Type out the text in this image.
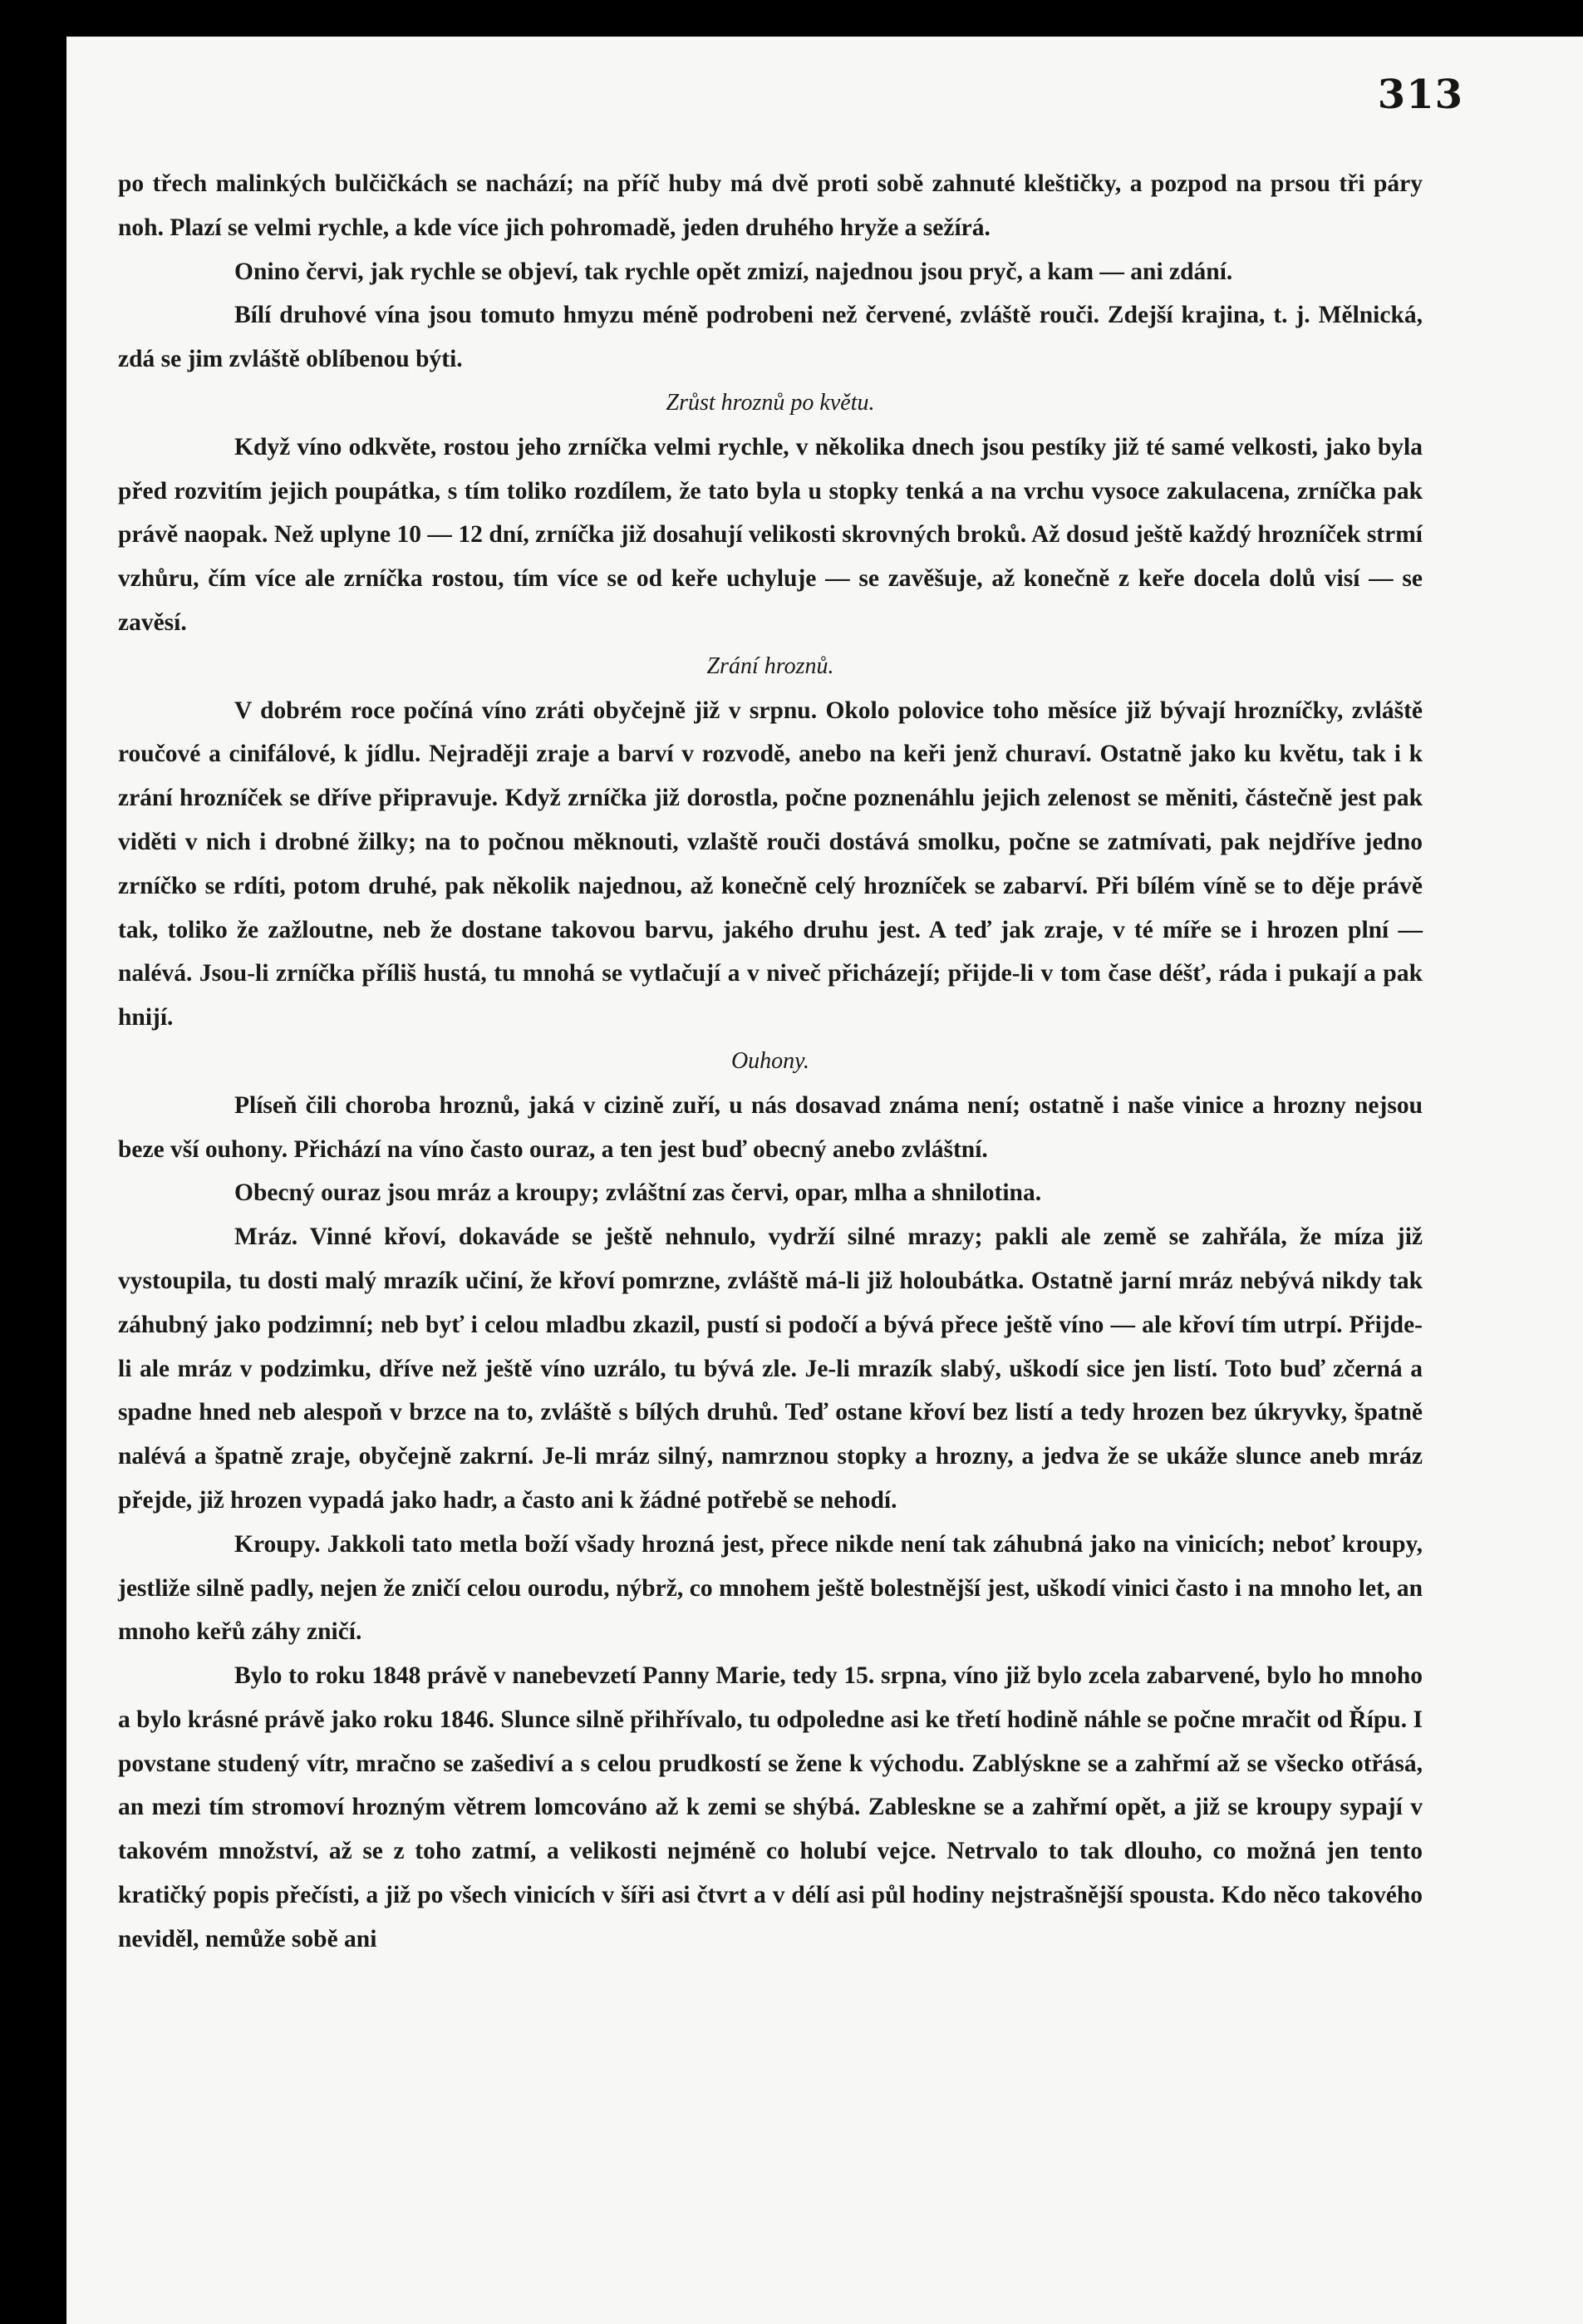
313

po třech malinkých bulčičkách se nachází; na příč huby má dvě proti sobě zahnuté kleštičky, a pozpod na prsou tři páry noh. Plazí se velmi rychle, a kde více jich pohromadě, jeden druhého hryže a sežírá.

Onino červi, jak rychle se objeví, tak rychle opět zmizí, najednou jsou pryč, a kam — ani zdání.

Bílí druhové vína jsou tomuto hmyzu méně podrobeni než červené, zvláště rouči. Zdejší krajina, t. j. Mělnická, zdá se jim zvláště oblíbenou býti.

Zrůst hroznů po květu.

Když víno odkvěte, rostou jeho zrníčka velmi rychle, v několika dnech jsou pestíky již té samé velkosti, jako byla před rozvitím jejich poupátka, s tím toliko rozdílem, že tato byla u stopky tenká a na vrchu vysoce zakulacena, zrníčka pak právě naopak. Než uplyne 10 — 12 dní, zrníčka již dosahují velikosti skrovných broků. Až dosud ještě každý hrozníček strmí vzhůru, čím více ale zrníčka rostou, tím více se od keře uchyluje — se zavěšuje, až konečně z keře docela dolů visí — se zavěsí.

Zrání hroznů.

V dobrém roce počíná víno zráti obyčejně již v srpnu. Okolo polovice toho měsíce již bývají hrozníčky, zvláště roučové a cinifálové, k jídlu. Nejraději zraje a barví v rozvodě, anebo na keři jenž churaví. Ostatně jako ku květu, tak i k zrání hrozníček se dříve připravuje. Když zrníčka již dorostla, počne poznenáhlu jejich zelenost se měniti, částečně jest pak viděti v nich i drobné žilky; na to počnou měknouti, vzlaště rouči dostává smolku, počne se zatmívati, pak nejdříve jedno zrníčko se rdíti, potom druhé, pak několik najednou, až konečně celý hrozníček se zabarví. Při bílém víně se to děje právě tak, toliko že zažloutne, neb že dostane takovou barvu, jakého druhu jest. A teď jak zraje, v té míře se i hrozen plní — nalévá. Jsou-li zrníčka příliš hustá, tu mnohá se vytlačují a v niveč přicházejí; přijde-li v tom čase déšť, ráda i pukají a pak hnijí.

Ouhony.

Plíseň čili choroba hroznů, jaká v cizině zuří, u nás dosavad známa není; ostatně i naše vinice a hrozny nejsou beze vší ouhony. Přichází na víno často ouraz, a ten jest buď obecný anebo zvláštní.

Obecný ouraz jsou mráz a kroupy; zvláštní zas červi, opar, mlha a shnilotina.

Mráz. Vinné křoví, dokaváde se ještě nehnulo, vydrží silné mrazy; pakli ale země se zahřála, že míza již vystoupila, tu dosti malý mrazík učiní, že křoví pomrzne, zvláště má-li již holoubátka. Ostatně jarní mráz nebývá nikdy tak záhubný jako podzimní; neb byť i celou mladbu zkazil, pustí si podočí a bývá přece ještě víno — ale křoví tím utrpí. Přijde-li ale mráz v podzimku, dříve než ještě víno uzrálo, tu bývá zle. Je-li mrazík slabý, uškodí sice jen listí. Toto buď zčerná a spadne hned neb alespoň v brzce na to, zvláště s bílých druhů. Teď ostane křoví bez listí a tedy hrozen bez úkryvky, špatně nalévá a špatně zraje, obyčejně zakrní. Je-li mráz silný, namrznou stopky a hrozny, a jedva že se ukáže slunce aneb mráz přejde, již hrozen vypadá jako hadr, a často ani k žádné potřebě se nehodí.

Kroupy. Jakkoli tato metla boží všady hrozná jest, přece nikde není tak záhubná jako na vinicích; neboť kroupy, jestliže silně padly, nejen že zničí celou ourodu, nýbrž, co mnohem ještě bolestnější jest, uškodí vinici často i na mnoho let, an mnoho keřů záhy zničí.

Bylo to roku 1848 právě v nanebevzetí Panny Marie, tedy 15. srpna, víno již bylo zcela zabarvené, bylo ho mnoho a bylo krásné právě jako roku 1846. Slunce silně přihřívalo, tu odpoledne asi ke třetí hodině náhle se počne mračit od Řípu. I povstane studený vítr, mračno se zašediví a s celou prudkostí se žene k východu. Zablýskne se a zahřmí až se všecko otřásá, an mezi tím stromoví hrozným větrem lomcováno až k zemi se shýbá. Zableskne se a zahřmí opět, a již se kroupy sypají v takovém množství, až se z toho zatmí, a velikosti nejméně co holubí vejce. Netrvalo to tak dlouho, co možná jen tento kratičký popis přečísti, a již po všech vinicích v šíři asi čtvrt a v délí asi půl hodiny nejstrašnější spousta. Kdo něco takového neviděl, nemůže sobě ani
